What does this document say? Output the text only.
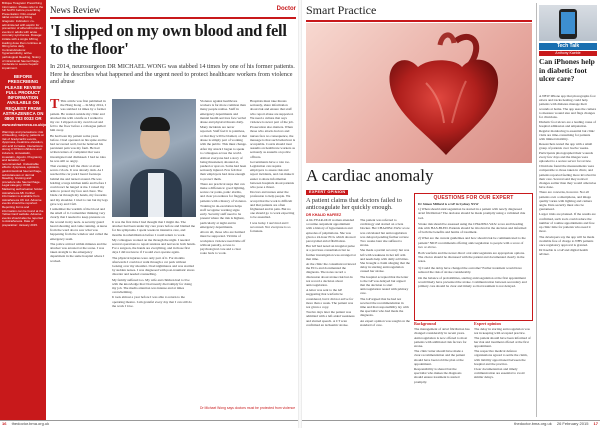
Brilique Ticagrelor Prescribing Information. Please refer to the full SmPC before prescribing. Presentation: Film-coated tablet containing 90mg ticagrelor. Indication: co-administered with aspirin for prevention of atherothrombotic events in adults with acute coronary syndromes. Dosage: initiate with a single 180mg loading dose then continue at 90mg twice daily. Contraindications: hypersensitivity, active pathological bleeding, history of intracranial haemorrhage, moderate to severe hepatic impairment.
BEFORE PRESCRIBING PLEASE REVIEW FULL PRODUCT INFORMATION AVAILABLE ON REQUEST FROM ASTRAZENECA ON 0800 783 0033 OR
www.astrazeneca.co.uk/product
Warnings and precautions: risk of bleeding, surgery, patients at risk of bradycardic events, dyspnoea, creatinine elevation, uric acid increase. Interactions: strong CYP3A4 inhibitors and inducers, simvastatin, lovastatin, digoxin. Pregnancy and lactation: not recommended. Undesirable effects: dyspnoea, epistaxis, gastrointestinal haemorrhage, subcutaneous or dermal bleeding, bruising and procedure site haemorrhage. Legal category: POM. Marketing authorisation holder: AstraZeneca AB. Further information is available from AstraZeneca UK Ltd. Adverse events should be reported. Reporting forms and information can be found at the Yellow Card website. Adverse events should also be reported to AstraZeneca. Date of preparation: January 2015.
News Review	Doctor
'I slipped on my own blood and fell to the floor'
In 2014, neurosurgeon DR MICHAEL WONG was stabbed 14 times by one of his former patients. Here he describes what happened and the urgent need to protect healthcare workers from violence and abuse

T This article was first published in the Hong Kong ... In May 2014, I was stabbed 14 times by a former patient. He waited outside my clinic and attacked me with a knife as I walked to my car. I slipped on my own blood and fell to the floor before a colleague pulled him away.

He had been my patient some years before. I had operated on his spine and he had recovered well, but he believed his persistent pain was my fault. He had written letters of complaint that were investigated and dismissed. I had no idea he was still so angry.

That evening I left the clinic at about seven o'clock. It was already dark. As I reached the car park I heard footsteps behind me and turned around. He was holding a large kitchen knife and before I could react he lunged at me. I raised my arms to protect my face and chest. The blade cut through my hands, my forearms and my shoulder. I tried to run but my legs gave way and I fell.

I remember the warmth of the blood and the smell of it. I remember thinking very clearly that I needed to keep pressure on the wound in my neck. A security guard heard shouting and came running. A nurse from the ward above saw what was happening from the window and called the emergency team.

The police arrived within minutes and the attacker was arrested at the scene. I was taken straight to the emergency department in the same hospital where I worked.

It was the first time I had thought that I might die. The attacker had been under my care years before and blamed me for his symptoms. I spent weeks in intensive care, and months in rehabilitation before I could return to work.

My colleagues worked on me through the night. I needed several operations to repair tendons and nerves in both hands. For a surgeon, the hands are everything, and in those first days I did not know if I would ever operate again.

The physical injuries were only part of it. For months afterwards I could not walk through a car park without looking over my shoulder. I had nightmares and was startled by sudden noises. I was diagnosed with post-traumatic stress disorder and needed counselling.

My family suffered too. My wife and children had to live with the knowledge that I had nearly died simply for doing my job. The media attention was intense and at times overwhelming.

It took almost a year before I was able to return to the operating theatre. I am grateful every day that I can still do the work I love.

Violence against healthcare workers is far more common than many people realise. Staff in emergency departments and mental health services face verbal abuse and physical threats daily.

Many incidents are never reported. Staff feel it is pointless, or that they will be blamed, or that abuse is simply part of working with the public. This must change.

After my attack I began to speak to colleagues across the world. Almost everyone had a story of being threatened, shouted at, pushed or spat on. Some had been seriously injured. Few felt that their employers had done enough to protect them.

There are practical steps that can make a difference: good lighting, secure car parks, panic alarms, and clear procedures for flagging patients with a history of violence.

Training in de-escalation helps staff recognise warning signs early. Security staff need to be present where the risk is highest, particularly at night and in emergency departments.

Above all, those who are harmed must be supported. Victims of workplace violence need time off without penalty, access to psychological care and a clear route back to work.

Hospitals must take threats seriously, share information about risk and ensure that staff who report abuse are supported. We need a culture that says violence is never part of the job.

Prosecution also matters. When those who attack doctors and nurses face no consequence, the message is that such behaviour is acceptable. Courts should treat assaults on healthcare workers as seriously as assaults on police officers.

Governments have a role too. Legislation can require employers to assess risk and report incidents, and can make it easier to share information between hospitals about patients who pose a threat.

Doctors and nurses enter the profession to help people. We accept that the work is difficult and that patients are often frightened and in pain. But no one should go to work expecting to be assaulted.

I was lucky. I survived and I recovered. Not everyone is so fortunate.

Dr Michael Wong says doctors must be protected from violence
16 thedoctor.bma.org.uk
Smart Practice
Tech Talk
Anthony Kaeble
Can iPhones help in diabetic foot ulcer care?

A NEW iPhone app that photographs foot ulcers and tracks healing could help patients with diabetes manage their wounds at home. The app uses the camera to measure wound size and flags changes for clinicians.

Diabetic foot ulcers are a leading cause of hospital admission and amputation. Regular monitoring is essential but clinic visits are time-consuming for patients with limited mobility.

Researchers tested the app with a small group of patients over twelve weeks. Participants photographed their wounds every few days and the images were uploaded to a secure server for review.

Clinicians found the measurements were comparable to those taken in clinic, and patients reported feeling more involved in their care. Several said they noticed changes earlier than they would otherwise have done.

There are concerns, however. Not all patients own a smartphone, and image quality varies with lighting and camera angle. Data security must also be guaranteed.

Larger trials are planned. If the results are confirmed, such tools could reduce the number of routine appointments and free up clinic time for patients who need it most.

The developers say the app will be made available free of charge to NHS patients once regulatory approval is granted.

Dr Kaeble is a GP and digital health adviser.

A cardiac anomaly
EXPERT OPINION
A patient claims that doctors failed to anticoagulate her quickly enough.
DR KHALID HAFEEZ

A 64-YEAR-OLD woman attended a routine outpatient appointment with a history of hypertension and episodes of palpitations. She was given a 24-hour ECG which showed paroxysmal atrial fibrillation.

Her GP had noted an irregular pulse at a previous consultation but no further investigation was arranged at that time.

At the clinic the consultant reviewed the ECG and documented the diagnosis. The notes record a discussion about stroke risk but do not record a decision about anticoagulation.

A letter was sent to the GP suggesting that warfarin be considered, but it did not arrive for more than a week. The patient was not given a copy.

Twelve days later the patient was admitted with a left-sided weakness and slurred speech. A CT scan confirmed an ischaemic stroke.

The patient was referred to cardiology and started on a beta blocker. Her CHA2DS2-VASc score was calculated but anticoagulation was delayed pending further review. Two weeks later she suffered a stroke.

She made a partial recovery but was left with weakness in her left arm and needs help with daily activities. She brought a claim alleging that the delay in starting anticoagulation caused her stroke.

The hospital accepted that the letter to the GP was delayed but argued that the decision to start anticoagulation rested with primary care.

The GP argued that he had not received the recommendation in time and that responsibility lay with the specialist who had made the diagnosis.

An expert opinion was sought on the standard of care.

QUESTIONS FOR OUR EXPERT

Dr Simon Millard is a GP in Sydney NSW

1) When should anticoagulation be started in a patient with newly diagnosed atrial fibrillation? The decision should be made promptly using a validated risk tool.

Stroke risk should be assessed using the CHA2DS2-VASc score and bleeding risk with HAS-BLED. Patients should be involved in the decision and informed of both the benefits and harms of treatment.

2) What are the current guidelines and how should risk be communicated to the patient? NICE recommends offering anticoagulation to people with a score of two or above.

Both warfarin and the newer direct oral anticoagulants are appropriate options. The choice should be discussed with the patient and documented clearly in the notes.

3) Could the delay have changed the outcome? Earlier treatment would have reduced the risk of stroke considerably.

On the balance of probabilities, starting anticoagulation at the first appointment would likely have prevented the stroke. Communication between secondary and primary care should be clear and timely so that treatment is not delayed.

Background

The management of atrial fibrillation has changed considerably in recent years. Anticoagulation is now offered to most patients with additional risk factors for stroke.

The clinic letter should have made a clear recommendation and the patient should have been told the plan at the appointment.

Responsibility is shared but the specialist who makes the diagnosis should ensure treatment is started promptly.

Expert opinion

The delay in starting anticoagulation was not in keeping with accepted practice. The patient should have been informed of her risk and treatment offered at the first appointment.

The respective medical defence organisations agreed to settle the claim, with liability apportioned between the hospital and the practice.

Clear documentation and timely communication are essential to avoid similar delays.

thedoctor.bma.org.uk 26 February 2015 17
